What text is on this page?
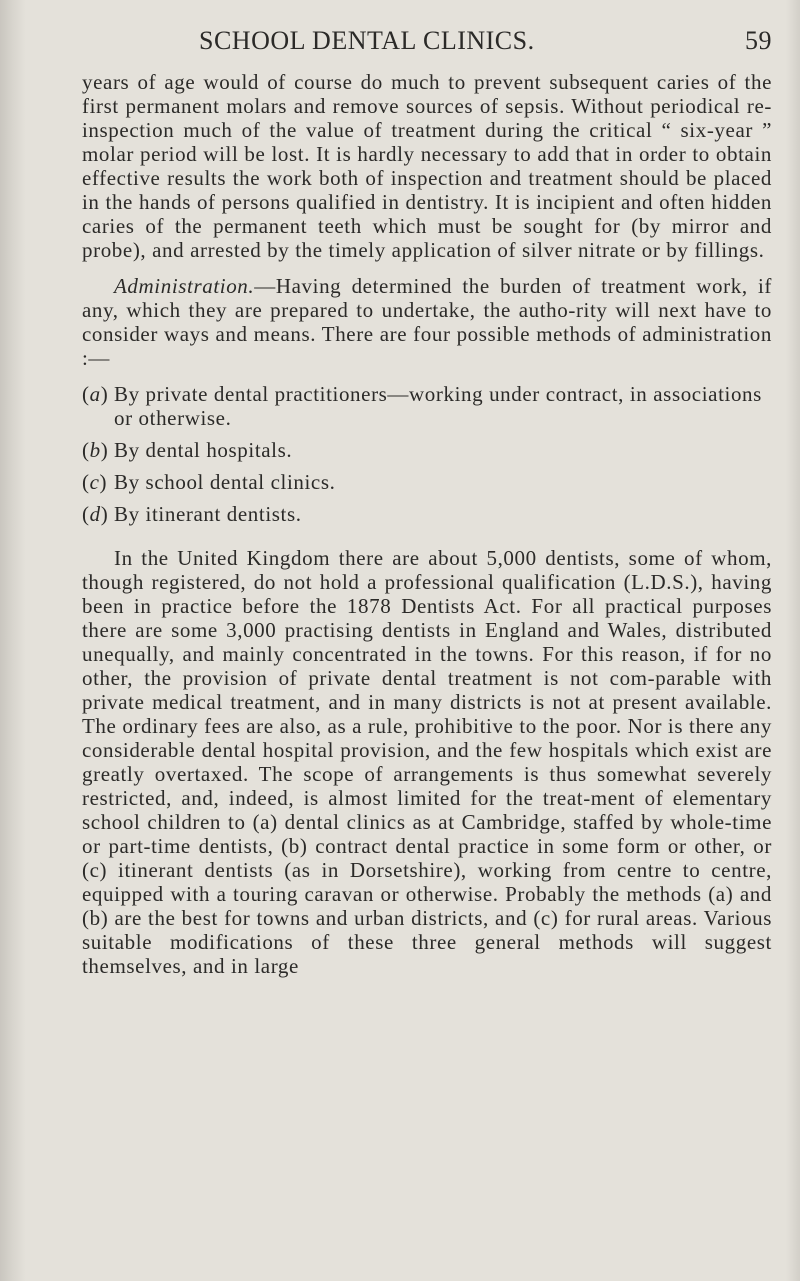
SCHOOL DENTAL CLINICS.	59

years of age would of course do much to prevent subsequent caries of the first permanent molars and remove sources of sepsis. Without periodical re-inspection much of the value of treatment during the critical “ six-year ” molar period will be lost. It is hardly necessary to add that in order to obtain effective results the work both of inspection and treatment should be placed in the hands of persons qualified in dentistry. It is incipient and often hidden caries of the permanent teeth which must be sought for (by mirror and probe), and arrested by the timely application of silver nitrate or by fillings.

Administration.—Having determined the burden of treatment work, if any, which they are prepared to undertake, the autho-rity will next have to consider ways and means. There are four possible methods of administration :—

(a) By private dental practitioners—working under contract, in associations or otherwise.
(b) By dental hospitals.
(c) By school dental clinics.
(d) By itinerant dentists.

In the United Kingdom there are about 5,000 dentists, some of whom, though registered, do not hold a professional qualification (L.D.S.), having been in practice before the 1878 Dentists Act. For all practical purposes there are some 3,000 practising dentists in England and Wales, distributed unequally, and mainly concentrated in the towns. For this reason, if for no other, the provision of private dental treatment is not com-parable with private medical treatment, and in many districts is not at present available. The ordinary fees are also, as a rule, prohibitive to the poor. Nor is there any considerable dental hospital provision, and the few hospitals which exist are greatly overtaxed. The scope of arrangements is thus somewhat severely restricted, and, indeed, is almost limited for the treat-ment of elementary school children to (a) dental clinics as at Cambridge, staffed by whole-time or part-time dentists, (b) contract dental practice in some form or other, or (c) itinerant dentists (as in Dorsetshire), working from centre to centre, equipped with a touring caravan or otherwise. Probably the methods (a) and (b) are the best for towns and urban districts, and (c) for rural areas. Various suitable modifications of these three general methods will suggest themselves, and in large
